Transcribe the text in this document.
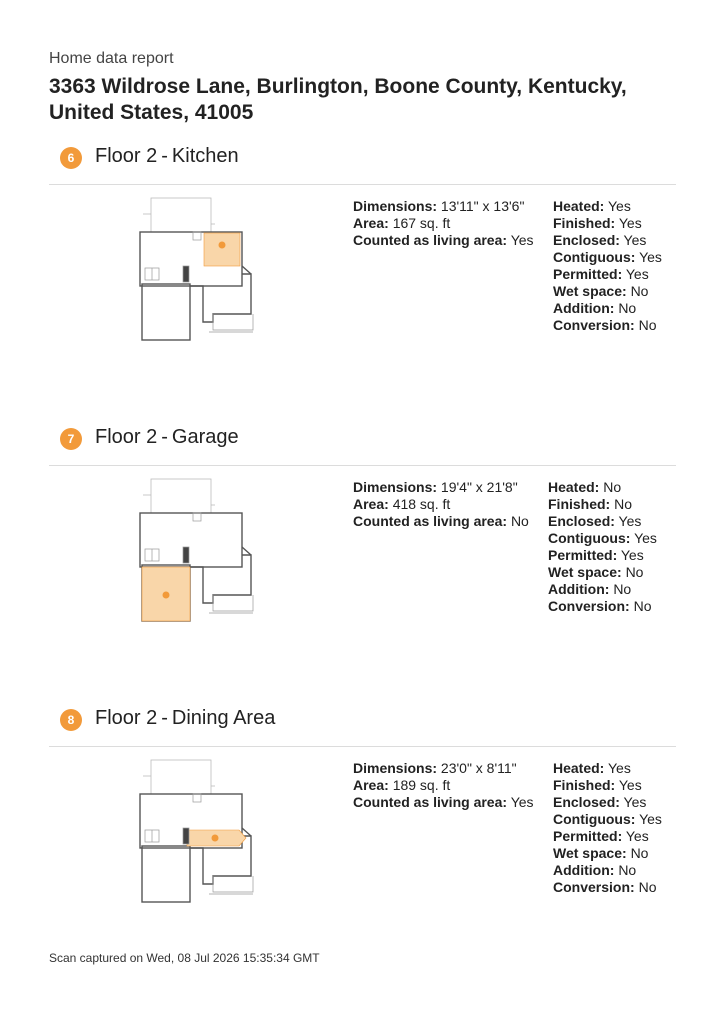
Home data report
3363 Wildrose Lane, Burlington, Boone County, Kentucky, United States, 41005
6	Floor 2 - Kitchen
Dimensions: 13'11" x 13'6"
Area: 167 sq. ft
Counted as living area: Yes
Heated: Yes
Finished: Yes
Enclosed: Yes
Contiguous: Yes
Permitted: Yes
Wet space: No
Addition: No
Conversion: No
7	Floor 2 - Garage
Dimensions: 19'4" x 21'8"
Area: 418 sq. ft
Counted as living area: No
Heated: No
Finished: No
Enclosed: Yes
Contiguous: Yes
Permitted: Yes
Wet space: No
Addition: No
Conversion: No
8	Floor 2 - Dining Area
Dimensions: 23'0" x 8'11"
Area: 189 sq. ft
Counted as living area: Yes
Heated: Yes
Finished: Yes
Enclosed: Yes
Contiguous: Yes
Permitted: Yes
Wet space: No
Addition: No
Conversion: No
Scan captured on Wed, 08 Jul 2026 15:35:34 GMT
